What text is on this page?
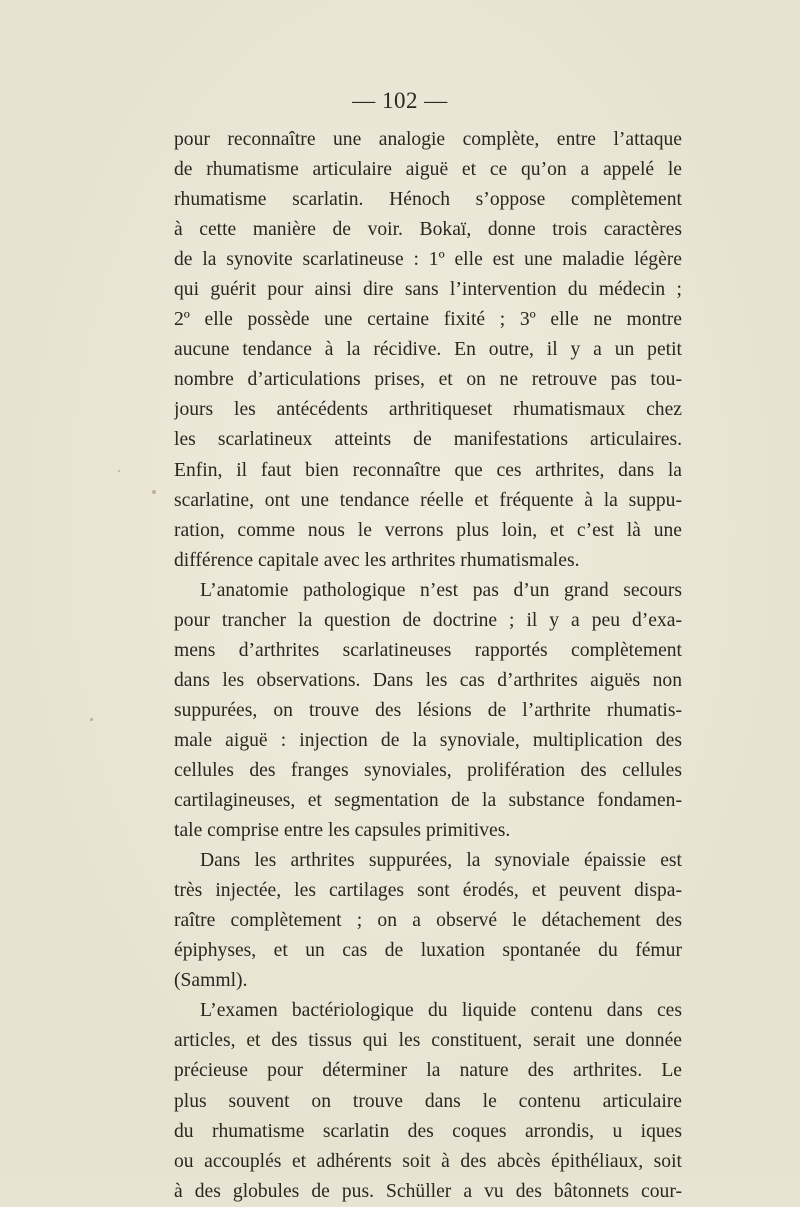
— 102 —
pour reconnaître une analogie complète, entre l’attaque
de rhumatisme articulaire aiguë et ce qu’on a appelé le
rhumatisme scarlatin. Hénoch s’oppose complètement
à cette manière de voir. Bokaï, donne trois caractères
de la synovite scarlatineuse : 1º elle est une maladie légère
qui guérit pour ainsi dire sans l’intervention du médecin ;
2º elle possède une certaine fixité ; 3º elle ne montre
aucune tendance à la récidive. En outre, il y a un petit
nombre d’articulations prises, et on ne retrouve pas tou-
jours les antécédents arthritiqueset rhumatismaux chez
les scarlatineux atteints de manifestations articulaires.
Enfin, il faut bien reconnaître que ces arthrites, dans la
scarlatine, ont une tendance réelle et fréquente à la suppu-
ration, comme nous le verrons plus loin, et c’est là une
différence capitale avec les arthrites rhumatismales.
L’anatomie pathologique n’est pas d’un grand secours
pour trancher la question de doctrine ; il y a peu d’exa-
mens d’arthrites scarlatineuses rapportés complètement
dans les observations. Dans les cas d’arthrites aiguës non
suppurées, on trouve des lésions de l’arthrite rhumatis-
male aiguë : injection de la synoviale, multiplication des
cellules des franges synoviales, prolifération des cellules
cartilagineuses, et segmentation de la substance fondamen-
tale comprise entre les capsules primitives.
Dans les arthrites suppurées, la synoviale épaissie est
très injectée, les cartilages sont érodés, et peuvent dispa-
raître complètement ; on a observé le détachement des
épiphyses, et un cas de luxation spontanée du fémur
(Samml).
L’examen bactériologique du liquide contenu dans ces
articles, et des tissus qui les constituent, serait une donnée
précieuse pour déterminer la nature des arthrites. Le
plus souvent on trouve dans le contenu articulaire
du rhumatisme scarlatin des coques arrondis, u iques
ou accouplés et adhérents soit à des abcès épithéliaux, soit
à des globules de pus. Schüller a vu des bâtonnets cour-
